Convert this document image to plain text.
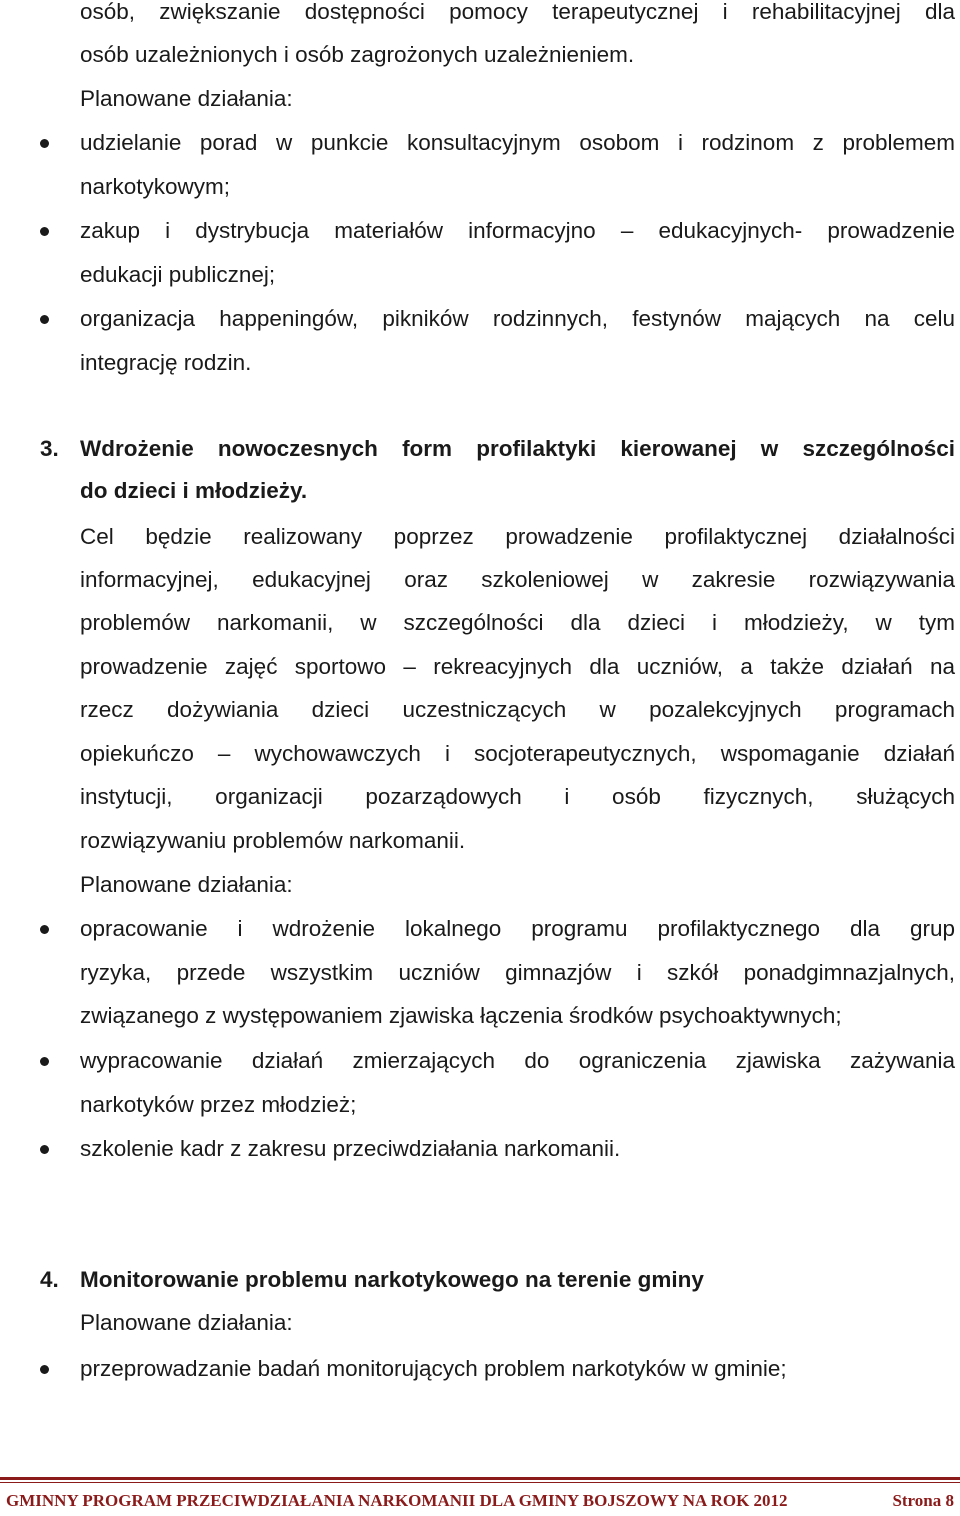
osób, zwiększanie dostępności pomocy terapeutycznej i rehabilitacyjnej dla
osób uzależnionych i osób zagrożonych uzależnieniem.
Planowane działania:
udzielanie porad w punkcie konsultacyjnym osobom i rodzinom z problemem
narkotykowym;
zakup i dystrybucja materiałów informacyjno – edukacyjnych- prowadzenie
edukacji publicznej;
organizacja happeningów, pikników rodzinnych, festynów mających na celu
integrację rodzin.
3. Wdrożenie nowoczesnych form profilaktyki kierowanej w szczególności
do dzieci i młodzieży.
Cel będzie realizowany poprzez prowadzenie profilaktycznej działalności
informacyjnej, edukacyjnej oraz szkoleniowej w zakresie rozwiązywania
problemów narkomanii, w szczególności dla dzieci i młodzieży, w tym
prowadzenie zajęć sportowo – rekreacyjnych dla uczniów, a także działań na
rzecz dożywiania dzieci uczestniczących w pozalekcyjnych programach
opiekuńczo – wychowawczych i socjoterapeutycznych, wspomaganie działań
instytucji, organizacji pozarządowych i osób fizycznych, służących
rozwiązywaniu problemów narkomanii.
Planowane działania:
opracowanie i wdrożenie lokalnego programu profilaktycznego dla grup
ryzyka, przede wszystkim uczniów gimnazjów i szkół ponadgimnazjalnych,
związanego z występowaniem zjawiska łączenia środków psychoaktywnych;
wypracowanie działań zmierzających do ograniczenia zjawiska zażywania
narkotyków przez młodzież;
szkolenie kadr z zakresu przeciwdziałania narkomanii.
4. Monitorowanie problemu narkotykowego na terenie gminy
Planowane działania:
przeprowadzanie badań monitorujących problem narkotyków w gminie;
GMINNY PROGRAM PRZECIWDZIAŁANIA NARKOMANII DLA GMINY BOJSZOWY NA ROK 2012	Strona 8
